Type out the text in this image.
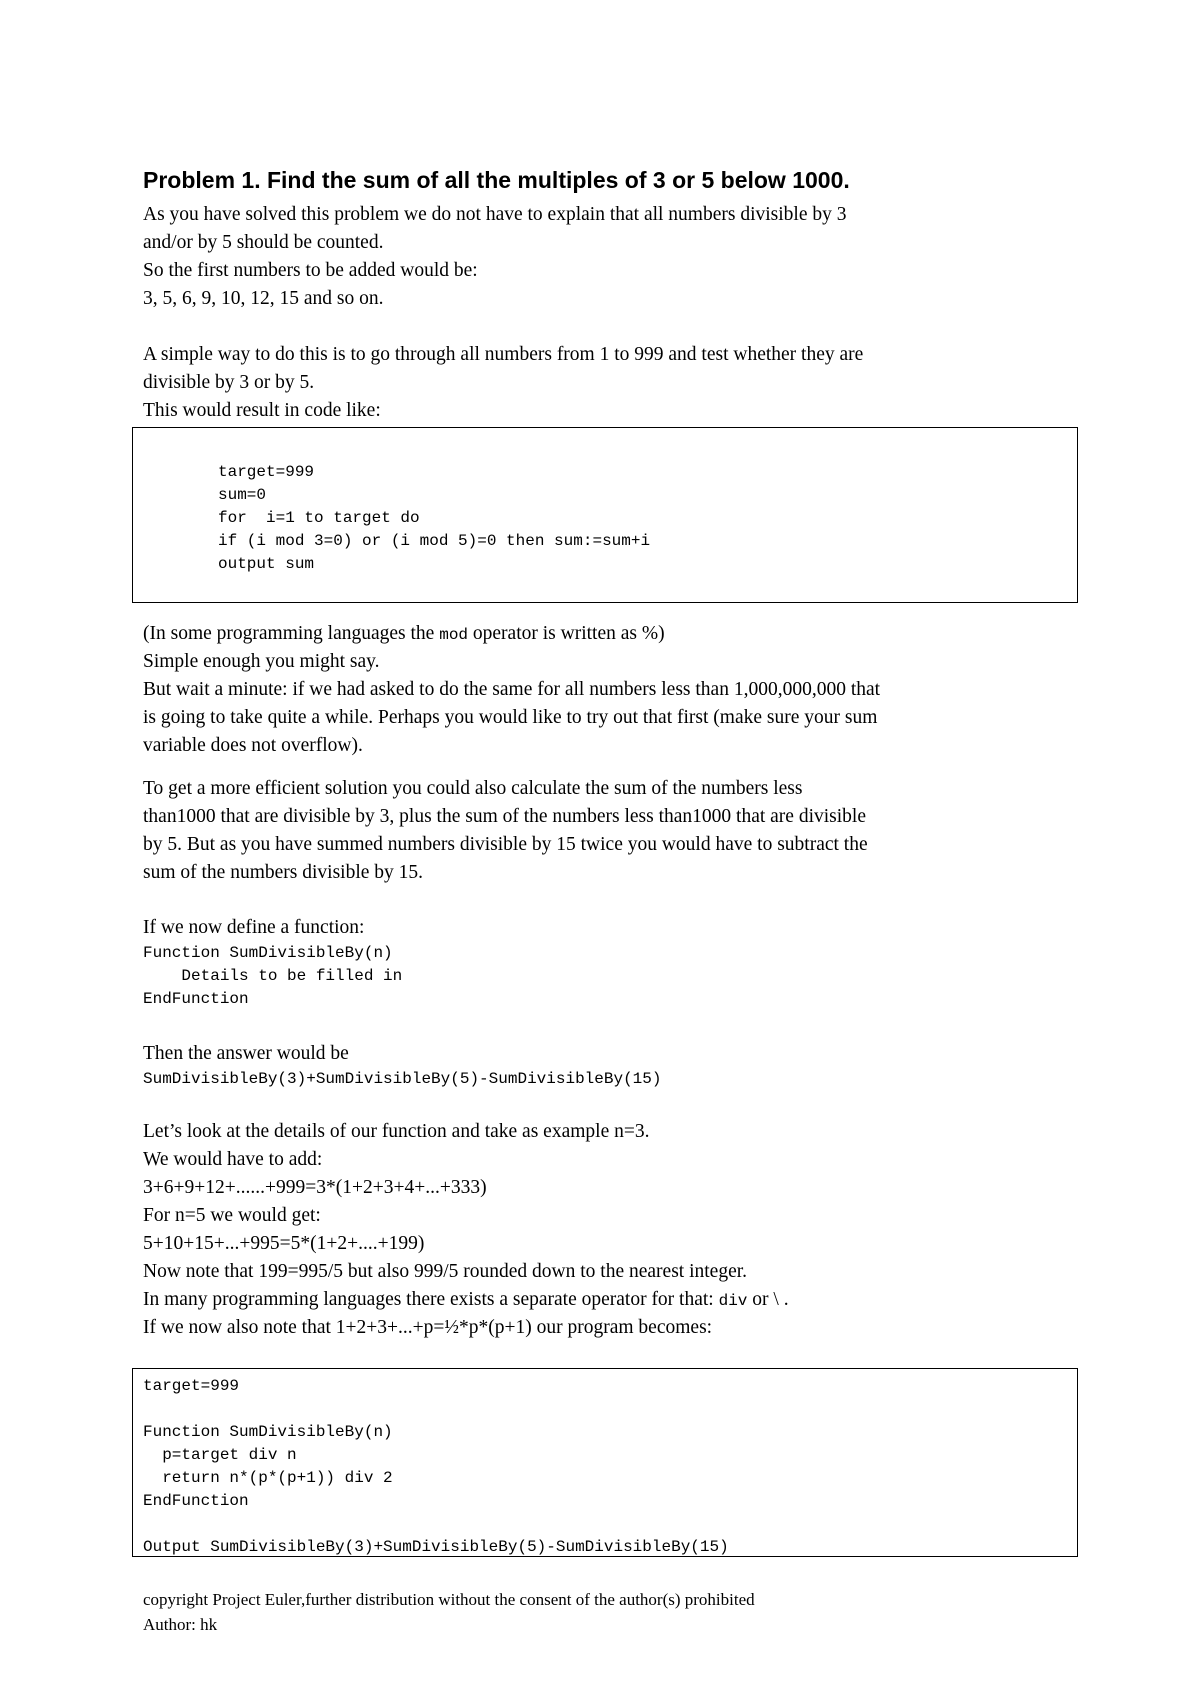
Problem 1. Find the sum of all the multiples of 3 or 5 below 1000.
As you have solved this problem we do not have to explain that all numbers divisible by 3
and/or by 5 should be counted.
So the first numbers to be added would be:
3, 5, 6, 9, 10, 12, 15 and so on.
A simple way to do this is to go through all numbers from 1 to 999 and test whether they are
divisible by 3 or by 5.
This would result in code like:
target=999
sum=0
for  i=1 to target do
if (i mod 3=0) or (i mod 5)=0 then sum:=sum+i
output sum
(In some programming languages the mod operator is written as %)
Simple enough you might say.
But wait a minute: if we had asked to do the same for all numbers less than 1,000,000,000 that
is going to take quite a while. Perhaps you would like to try out that first (make sure your sum
variable does not overflow).
To get a more efficient solution you could also calculate the sum of the numbers less
than1000 that are divisible by 3, plus the sum of the numbers less than1000 that are divisible
by 5. But as you have summed numbers divisible by 15 twice you would have to subtract the
sum of the numbers divisible by 15.
If we now define a function:
Function SumDivisibleBy(n)
Details to be filled in
EndFunction
Then the answer would be
SumDivisibleBy(3)+SumDivisibleBy(5)-SumDivisibleBy(15)
Let’s look at the details of our function and take as example n=3.
We would have to add:
3+6+9+12+......+999=3*(1+2+3+4+...+333)
For n=5 we would get:
5+10+15+...+995=5*(1+2+....+199)
Now note that 199=995/5 but also 999/5 rounded down to the nearest integer.
In many programming languages there exists a separate operator for that: div or \ .
If we now also note that 1+2+3+...+p=½*p*(p+1) our program becomes:
target=999
Function SumDivisibleBy(n)
p=target div n
return n*(p*(p+1)) div 2
EndFunction
Output SumDivisibleBy(3)+SumDivisibleBy(5)-SumDivisibleBy(15)
copyright Project Euler,further distribution without the consent of the author(s) prohibited
Author: hk
